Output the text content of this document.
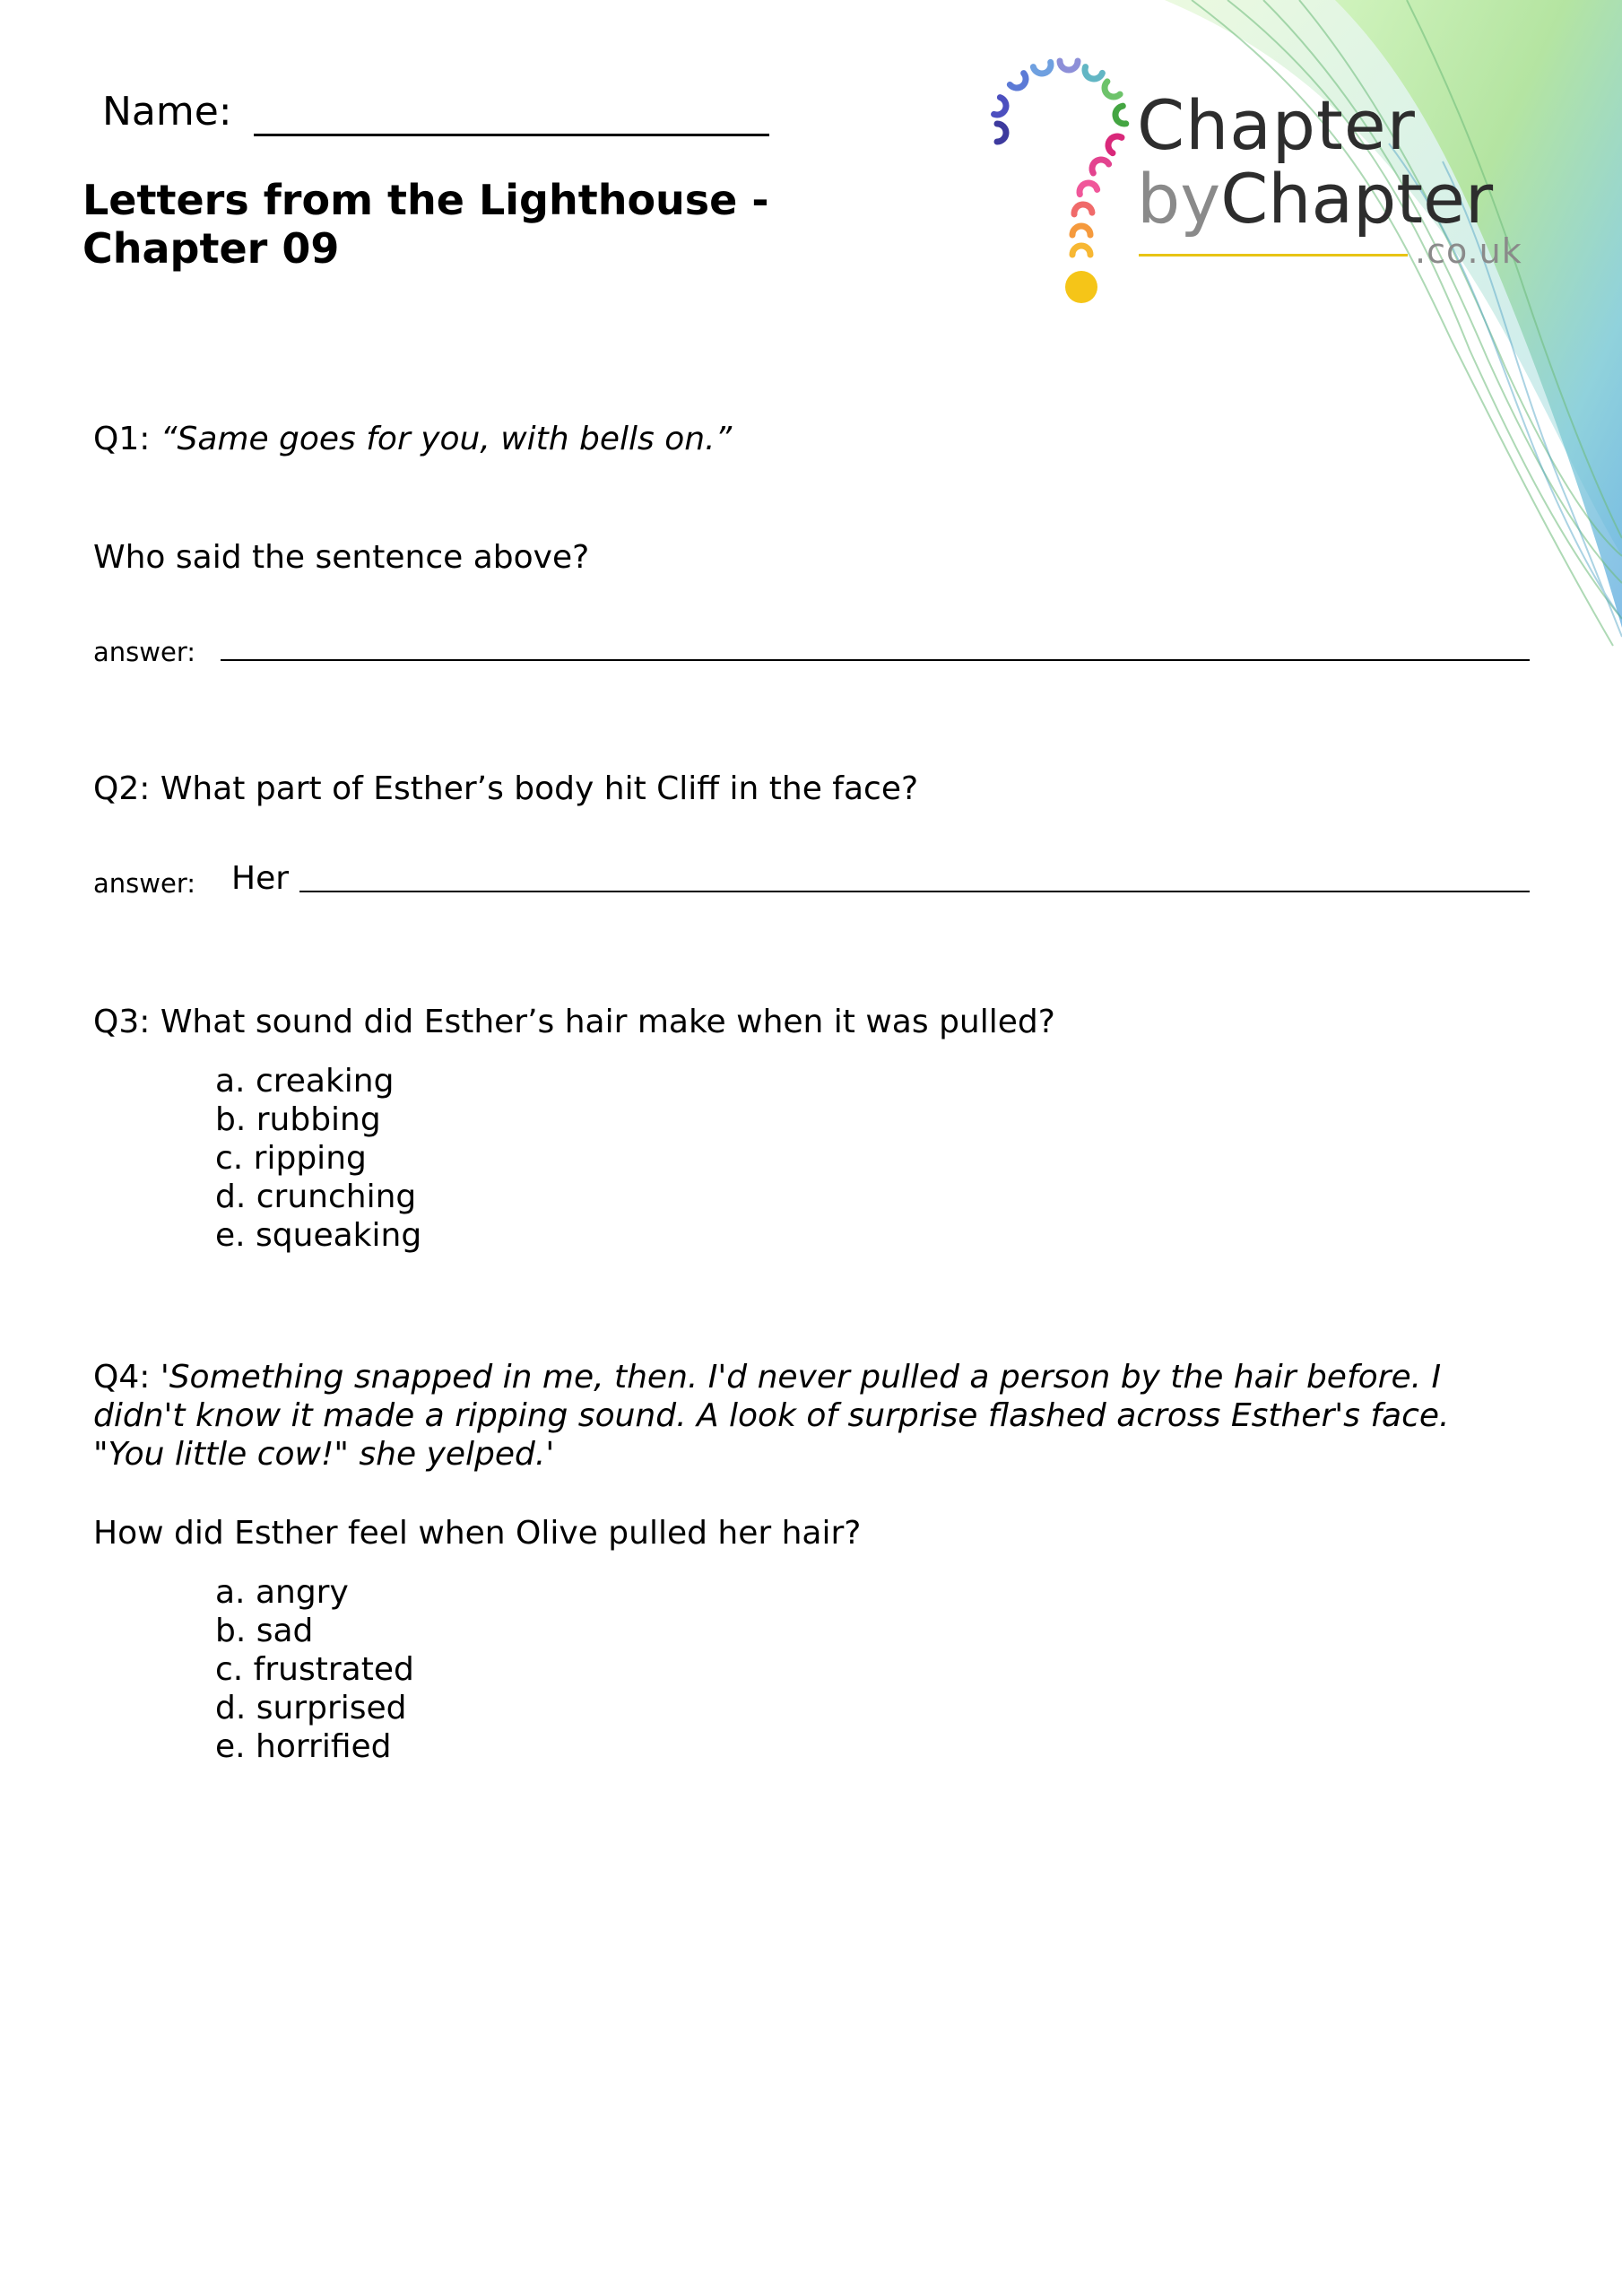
Name:
Letters from the Lighthouse - Chapter 09
Chapter
byChapter
.co.uk
Q1: “Same goes for you, with bells on.”
Who said the sentence above?
answer:
Q2: What part of Esther’s body hit Cliff in the face?
answer: Her
Q3: What sound did Esther’s hair make when it was pulled?
a. creaking
b. rubbing
c. ripping
d. crunching
e. squeaking
Q4: 'Something snapped in me, then. I'd never pulled a person by the hair before. I didn't know it made a ripping sound. A look of surprise flashed across Esther's face. "You little cow!" she yelped.'
How did Esther feel when Olive pulled her hair?
a. angry
b. sad
c. frustrated
d. surprised
e. horrified
